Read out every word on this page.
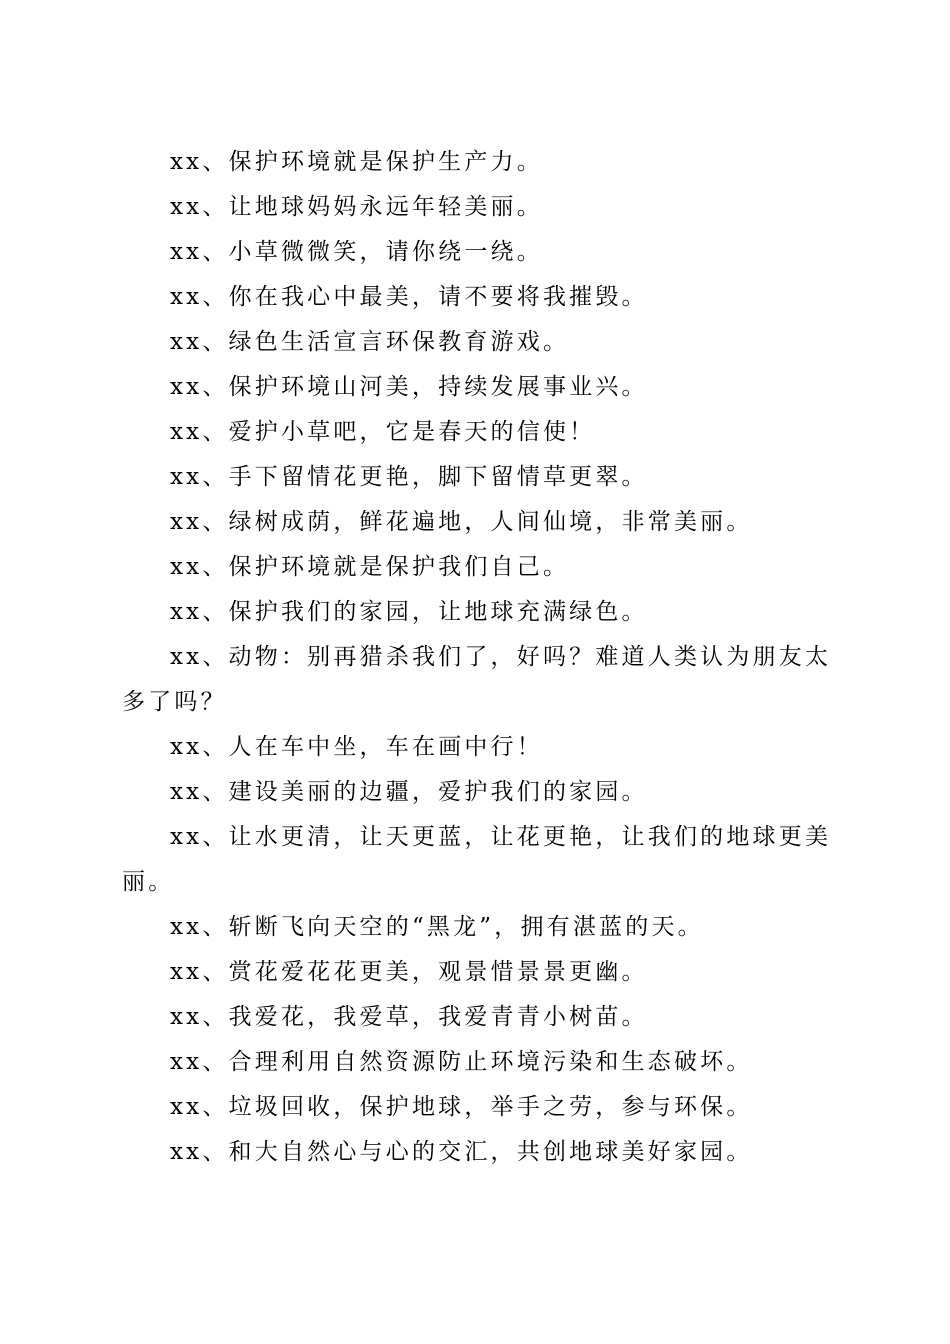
xx、保护环境就是保护生产力。

xx、让地球妈妈永远年轻美丽。

xx、小草微微笑，请你绕一绕。

xx、你在我心中最美，请不要将我摧毁。

xx、绿色生活宣言环保教育游戏。

xx、保护环境山河美，持续发展事业兴。

xx、爱护小草吧，它是春天的信使！

xx、手下留情花更艳，脚下留情草更翠。

xx、绿树成荫，鲜花遍地，人间仙境，非常美丽。

xx、保护环境就是保护我们自己。

xx、保护我们的家园，让地球充满绿色。

xx、动物：别再猎杀我们了，好吗？难道人类认为朋友太
多了吗？

xx、人在车中坐，车在画中行！

xx、建设美丽的边疆，爱护我们的家园。

xx、让水更清，让天更蓝，让花更艳，让我们的地球更美
丽。

xx、斩断飞向天空的“黑龙”，拥有湛蓝的天。

xx、赏花爱花花更美，观景惜景景更幽。

xx、我爱花，我爱草，我爱青青小树苗。

xx、合理利用自然资源防止环境污染和生态破坏。

xx、垃圾回收，保护地球，举手之劳，参与环保。

xx、和大自然心与心的交汇，共创地球美好家园。
